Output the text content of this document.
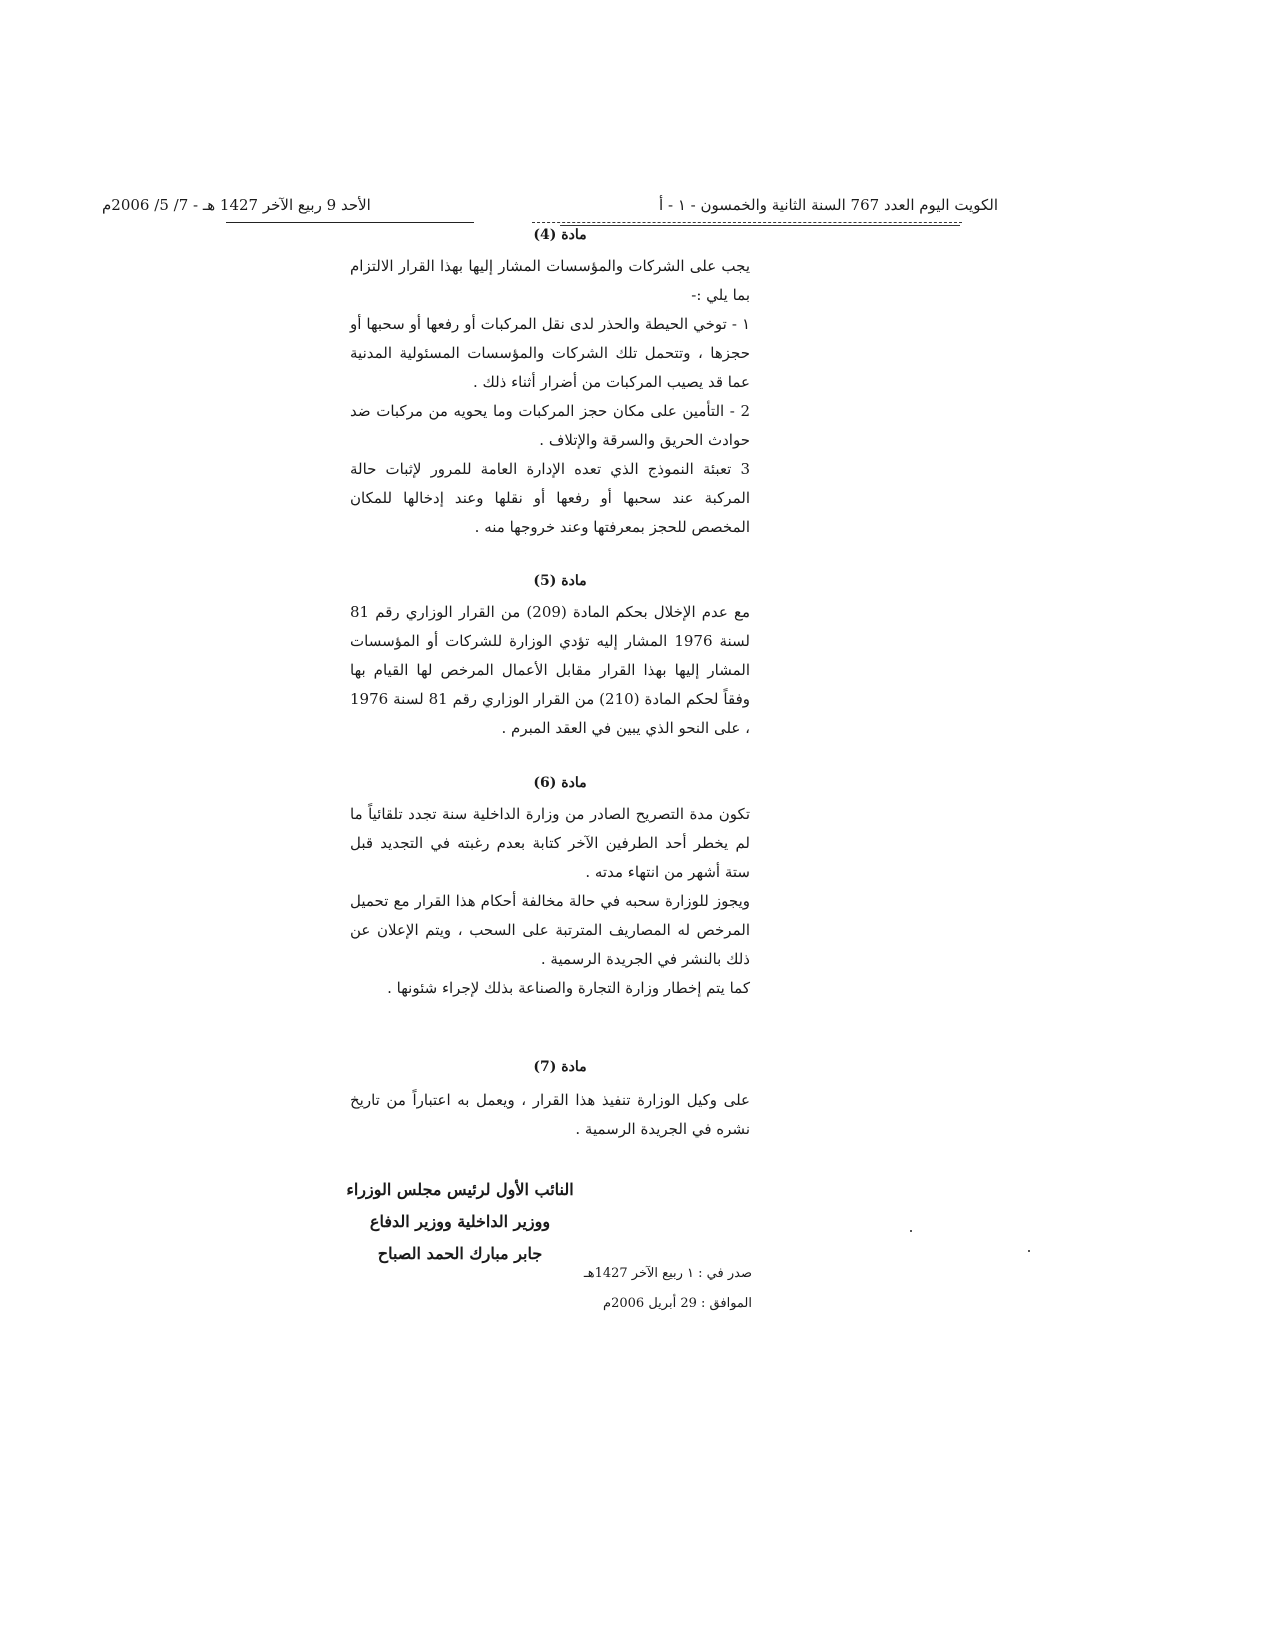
الكويت اليوم العدد 767 السنة الثانية والخمسون - ١ - أ
الأحد 9 ربيع الآخر 1427 هـ - 7/ 5/ 2006م
مادة (4)

يجب على الشركات والمؤسسات المشار إليها بهذا القرار الالتزام بما يلي :-

١ - توخي الحيطة والحذر لدى نقل المركبات أو رفعها أو سحبها أو حجزها ، وتتحمل تلك الشركات والمؤسسات المسئولية المدنية عما قد يصيب المركبات من أضرار أثناء ذلك .

2 - التأمين على مكان حجز المركبات وما يحويه من مركبات ضد حوادث الحريق والسرقة والإتلاف .

3 تعبئة النموذج الذي تعده الإدارة العامة للمرور لإثبات حالة المركبة عند سحبها أو رفعها أو نقلها وعند إدخالها للمكان المخصص للحجز بمعرفتها وعند خروجها منه .

مادة (5)

مع عدم الإخلال بحكم المادة (209) من القرار الوزاري رقم 81 لسنة 1976 المشار إليه تؤدي الوزارة للشركات أو المؤسسات المشار إليها بهذا القرار مقابل الأعمال المرخص لها القيام بها وفقاً لحكم المادة (210) من القرار الوزاري رقم 81 لسنة 1976 ، على النحو الذي يبين في العقد المبرم .

مادة (6)

تكون مدة التصريح الصادر من وزارة الداخلية سنة تجدد تلقائياً ما لم يخطر أحد الطرفين الآخر كتابة بعدم رغبته في التجديد قبل ستة أشهر من انتهاء مدته .

ويجوز للوزارة سحبه في حالة مخالفة أحكام هذا القرار مع تحميل المرخص له المصاريف المترتبة على السحب ، ويتم الإعلان عن ذلك بالنشر في الجريدة الرسمية .

كما يتم إخطار وزارة التجارة والصناعة بذلك لإجراء شئونها .

مادة (7)

على وكيل الوزارة تنفيذ هذا القرار ، ويعمل به اعتباراً من تاريخ نشره في الجريدة الرسمية .

النائب الأول لرئيس مجلس الوزراء
ووزير الداخلية ووزير الدفاع
جابر مبارك الحمد الصباح
صدر في : ١ ربيع الآخر 1427هـ
الموافق : 29 أبريل 2006م
